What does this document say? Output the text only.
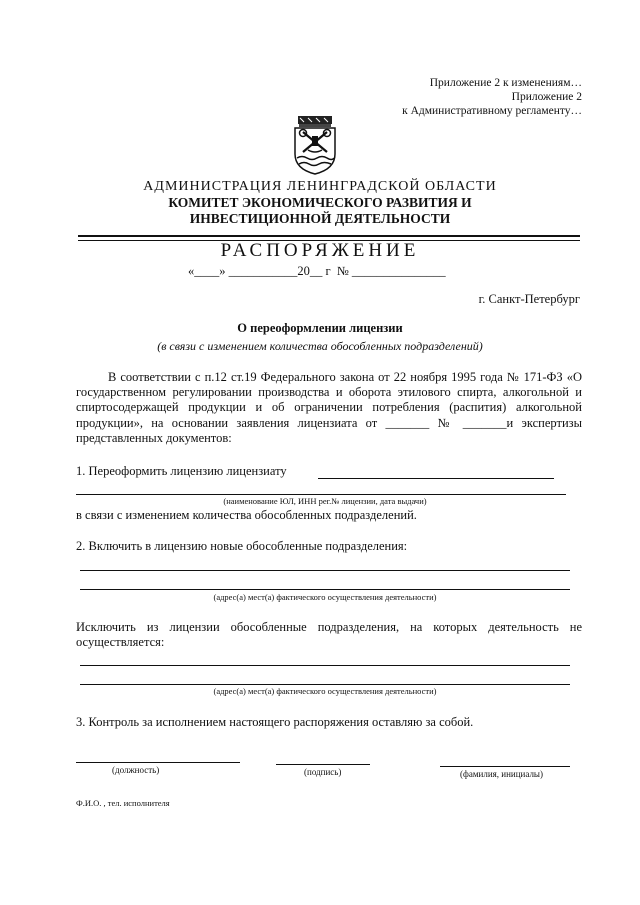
Приложение 2 к изменениям…
Приложение 2
к Административному регламенту…
АДМИНИСТРАЦИЯ ЛЕНИНГРАДСКОЙ ОБЛАСТИ
КОМИТЕТ ЭКОНОМИЧЕСКОГО РАЗВИТИЯ И
ИНВЕСТИЦИОННОЙ ДЕЯТЕЛЬНОСТИ
РАСПОРЯЖЕНИЕ
«____» ___________20__ г  № _______________
г. Санкт-Петербург
О переоформлении лицензии
(в связи с изменением количества обособленных подразделений)
В соответствии с п.12 ст.19 Федерального закона от 22 ноября 1995 года № 171-ФЗ «О государственном регулировании производства и оборота этилового спирта, алкогольной и спиртосодержащей продукции и об ограничении потребления (распития) алкогольной продукции», на основании заявления лицензиата от _______ № _______и экспертизы представленных документов:
1. Переоформить лицензию лицензиату
(наименование ЮЛ, ИНН рег.№ лицензии, дата выдачи)
в связи с изменением количества обособленных подразделений.
2. Включить в лицензию новые обособленные подразделения:
(адрес(а) мест(а) фактического осуществления деятельности)
Исключить из лицензии обособленные подразделения, на которых деятельность не осуществляется:
(адрес(а) мест(а) фактического осуществления деятельности)
3. Контроль за исполнением настоящего распоряжения оставляю за собой.
(должность)	(подпись)	(фамилия, инициалы)
Ф.И.О. , тел. исполнителя
